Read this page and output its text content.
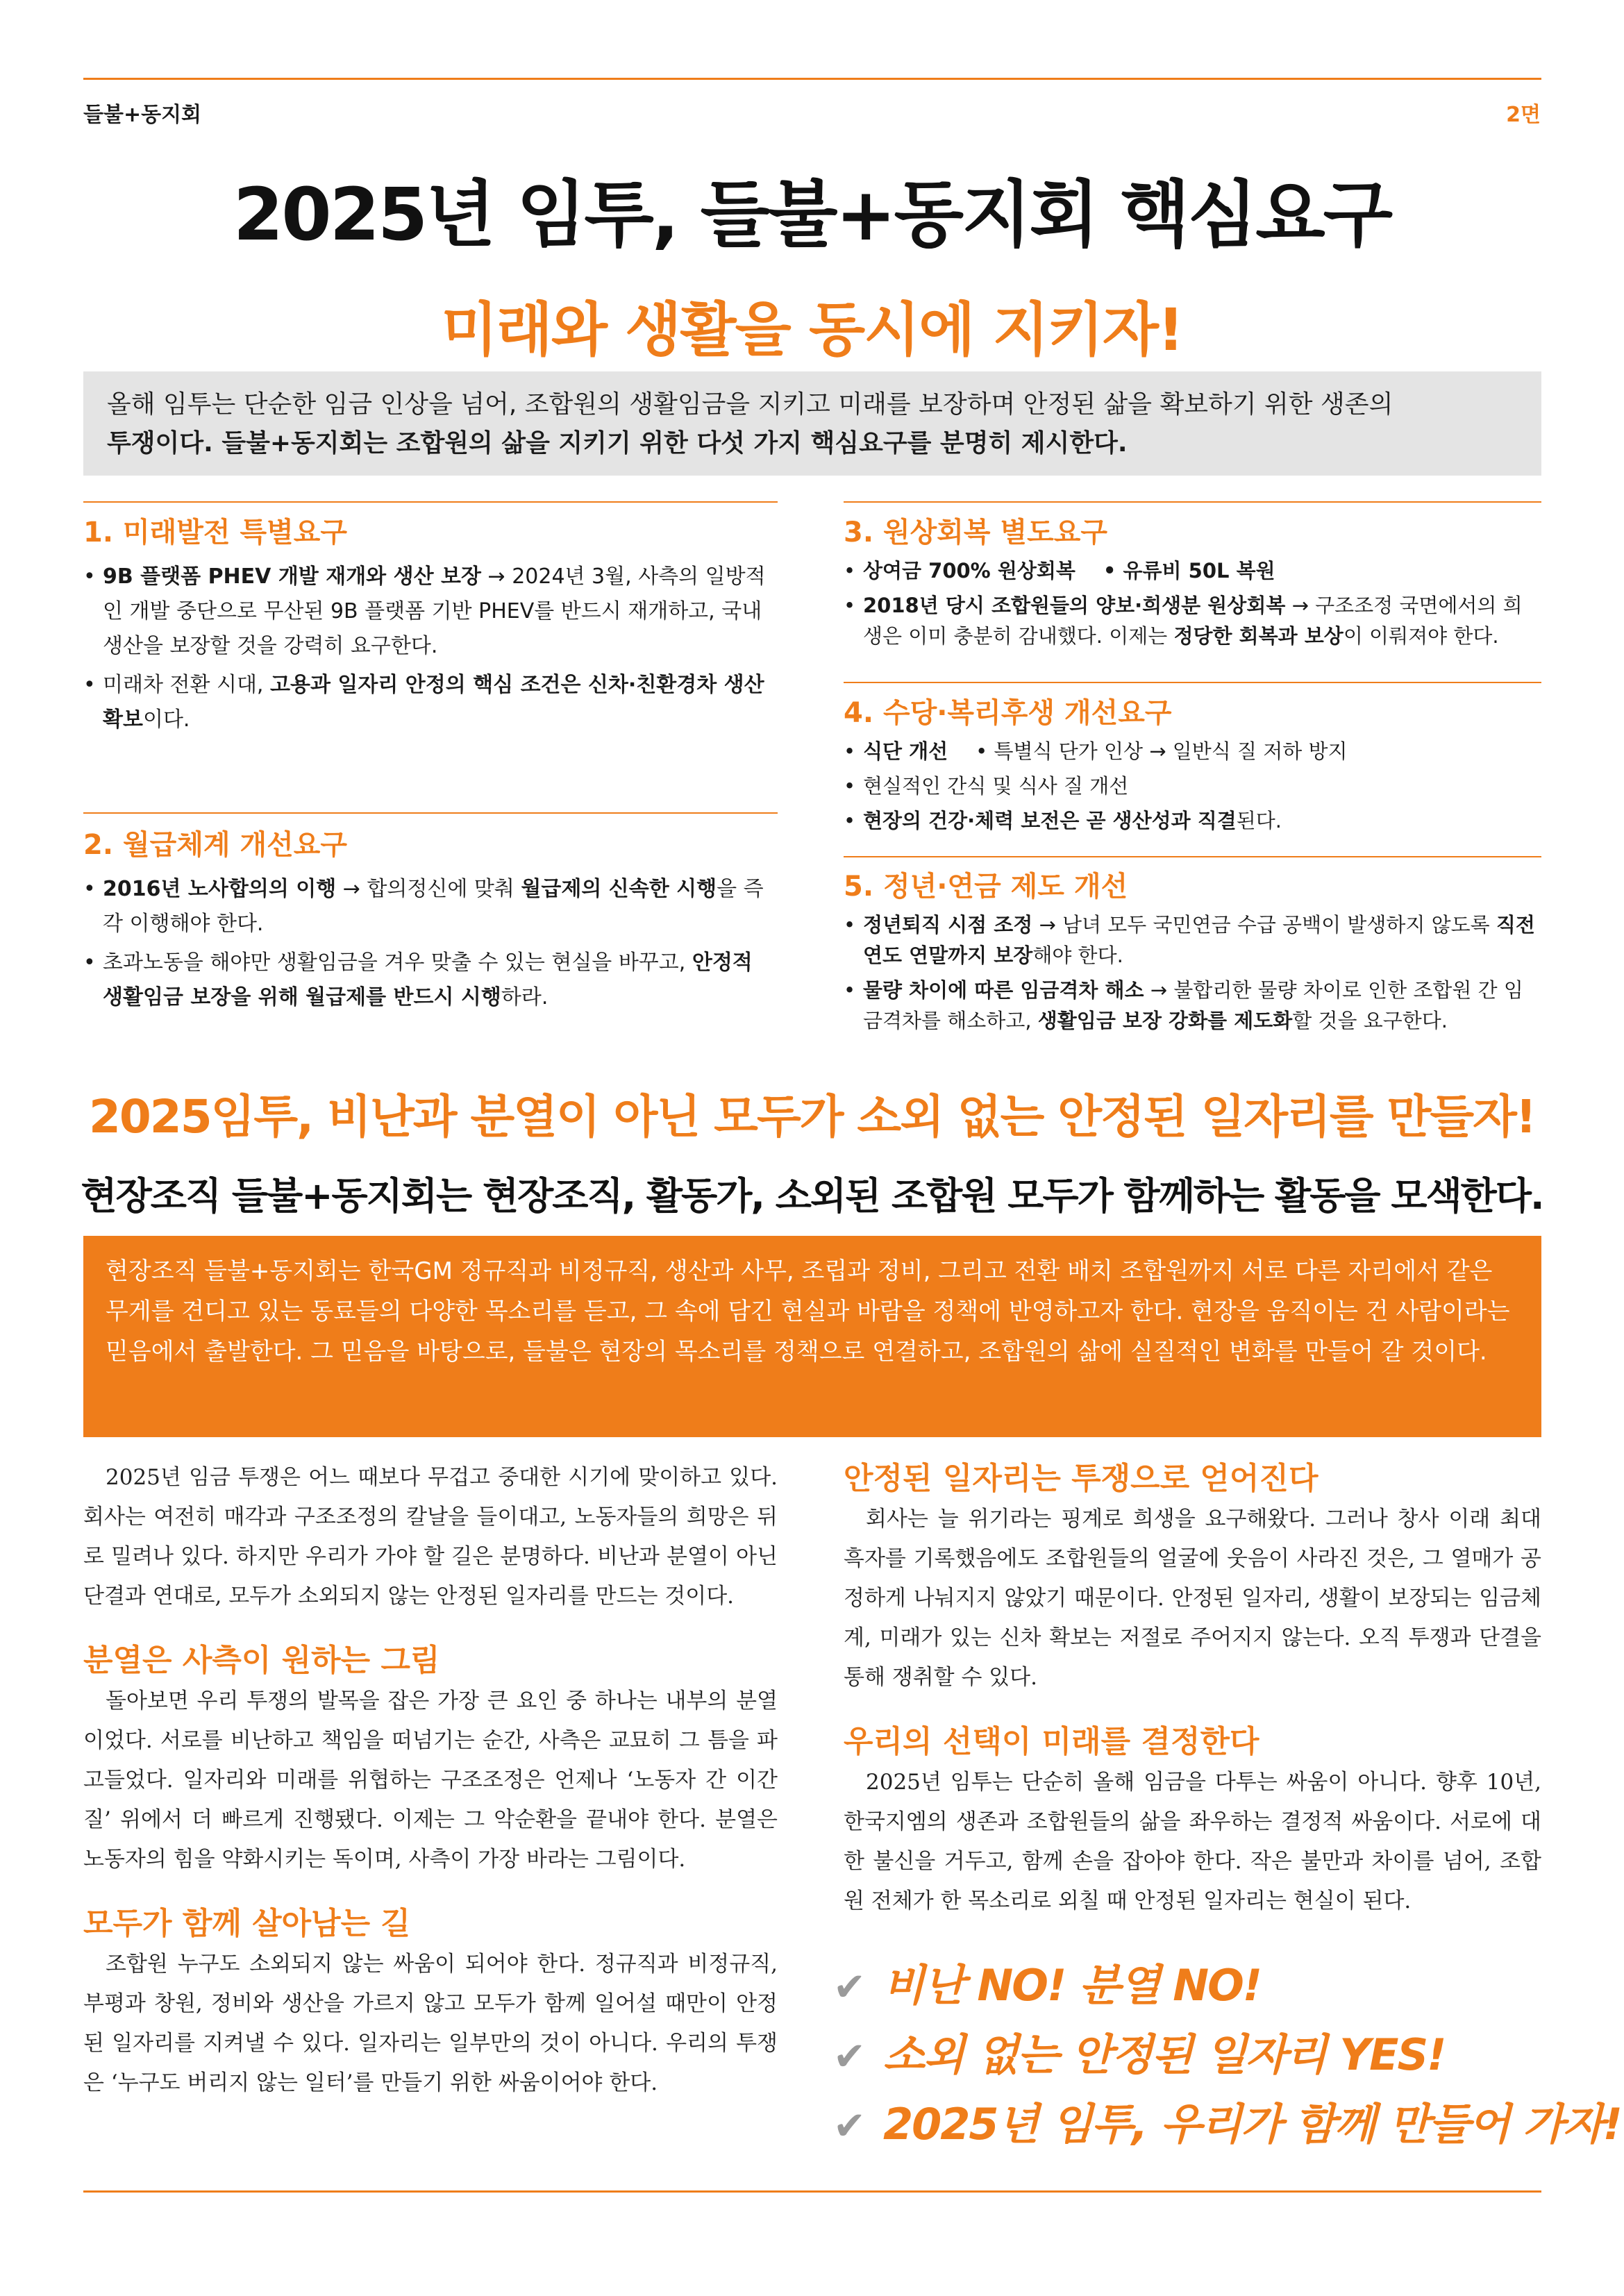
들불+동지회	2면
2025년 임투, 들불+동지회 핵심요구
미래와 생활을 동시에 지키자!
올해 임투는 단순한 임금 인상을 넘어, 조합원의 생활임금을 지키고 미래를 보장하며 안정된 삶을 확보하기 위한 생존의
투쟁이다. 들불+동지회는 조합원의 삶을 지키기 위한 다섯 가지 핵심요구를 분명히 제시한다.
1. 미래발전 특별요구
• 9B 플랫폼 PHEV 개발 재개와 생산 보장 → 2024년 3월, 사측의 일방적인 개발 중단으로 무산된 9B 플랫폼 기반 PHEV를 반드시 재개하고, 국내 생산을 보장할 것을 강력히 요구한다.
• 미래차 전환 시대, 고용과 일자리 안정의 핵심 조건은 신차·친환경차 생산 확보이다.
2. 월급체계 개선요구
• 2016년 노사합의의 이행 → 합의정신에 맞춰 월급제의 신속한 시행을 즉각 이행해야 한다.
• 초과노동을 해야만 생활임금을 겨우 맞출 수 있는 현실을 바꾸고, 안정적 생활임금 보장을 위해 월급제를 반드시 시행하라.
3. 원상회복 별도요구
• 상여금 700% 원상회복 • 유류비 50L 복원
• 2018년 당시 조합원들의 양보·희생분 원상회복 → 구조조정 국면에서의 희생은 이미 충분히 감내했다. 이제는 정당한 회복과 보상이 이뤄져야 한다.
4. 수당·복리후생 개선요구
• 식단 개선 • 특별식 단가 인상 → 일반식 질 저하 방지
• 현실적인 간식 및 식사 질 개선
• 현장의 건강·체력 보전은 곧 생산성과 직결된다.
5. 정년·연금 제도 개선
• 정년퇴직 시점 조정 → 남녀 모두 국민연금 수급 공백이 발생하지 않도록 직전 연도 연말까지 보장해야 한다.
• 물량 차이에 따른 임금격차 해소 → 불합리한 물량 차이로 인한 조합원 간 임금격차를 해소하고, 생활임금 보장 강화를 제도화할 것을 요구한다.
2025임투, 비난과 분열이 아닌 모두가 소외 없는 안정된 일자리를 만들자!
현장조직 들불+동지회는 현장조직, 활동가, 소외된 조합원 모두가 함께하는 활동을 모색한다.
현장조직 들불+동지회는 한국GM 정규직과 비정규직, 생산과 사무, 조립과 정비, 그리고 전환 배치 조합원까지 서로 다른 자리에서 같은 무게를 견디고 있는 동료들의 다양한 목소리를 듣고, 그 속에 담긴 현실과 바람을 정책에 반영하고자 한다. 현장을 움직이는 건 사람이라는 믿음에서 출발한다. 그 믿음을 바탕으로, 들불은 현장의 목소리를 정책으로 연결하고, 조합원의 삶에 실질적인 변화를 만들어 갈 것이다.

2025년 임금 투쟁은 어느 때보다 무겁고 중대한 시기에 맞이하고 있다. 회사는 여전히 매각과 구조조정의 칼날을 들이대고, 노동자들의 희망은 뒤로 밀려나 있다. 하지만 우리가 가야 할 길은 분명하다. 비난과 분열이 아닌 단결과 연대로, 모두가 소외되지 않는 안정된 일자리를 만드는 것이다.

분열은 사측이 원하는 그림

돌아보면 우리 투쟁의 발목을 잡은 가장 큰 요인 중 하나는 내부의 분열이었다. 서로를 비난하고 책임을 떠넘기는 순간, 사측은 교묘히 그 틈을 파고들었다. 일자리와 미래를 위협하는 구조조정은 언제나 ‘노동자 간 이간질’ 위에서 더 빠르게 진행됐다. 이제는 그 악순환을 끝내야 한다. 분열은 노동자의 힘을 약화시키는 독이며, 사측이 가장 바라는 그림이다.

모두가 함께 살아남는 길

조합원 누구도 소외되지 않는 싸움이 되어야 한다. 정규직과 비정규직, 부평과 창원, 정비와 생산을 가르지 않고 모두가 함께 일어설 때만이 안정된 일자리를 지켜낼 수 있다. 일자리는 일부만의 것이 아니다. 우리의 투쟁은 ‘누구도 버리지 않는 일터’를 만들기 위한 싸움이어야 한다.

안정된 일자리는 투쟁으로 얻어진다

회사는 늘 위기라는 핑계로 희생을 요구해왔다. 그러나 창사 이래 최대 흑자를 기록했음에도 조합원들의 얼굴에 웃음이 사라진 것은, 그 열매가 공정하게 나눠지지 않았기 때문이다. 안정된 일자리, 생활이 보장되는 임금체계, 미래가 있는 신차 확보는 저절로 주어지지 않는다. 오직 투쟁과 단결을 통해 쟁취할 수 있다.

우리의 선택이 미래를 결정한다

2025년 임투는 단순히 올해 임금을 다투는 싸움이 아니다. 향후 10년, 한국지엠의 생존과 조합원들의 삶을 좌우하는 결정적 싸움이다. 서로에 대한 불신을 거두고, 함께 손을 잡아야 한다. 작은 불만과 차이를 넘어, 조합원 전체가 한 목소리로 외칠 때 안정된 일자리는 현실이 된다.

✔ 비난 NO! 분열 NO!
✔ 소외 없는 안정된 일자리 YES!
✔ 2025년 임투, 우리가 함께 만들어 가자!
